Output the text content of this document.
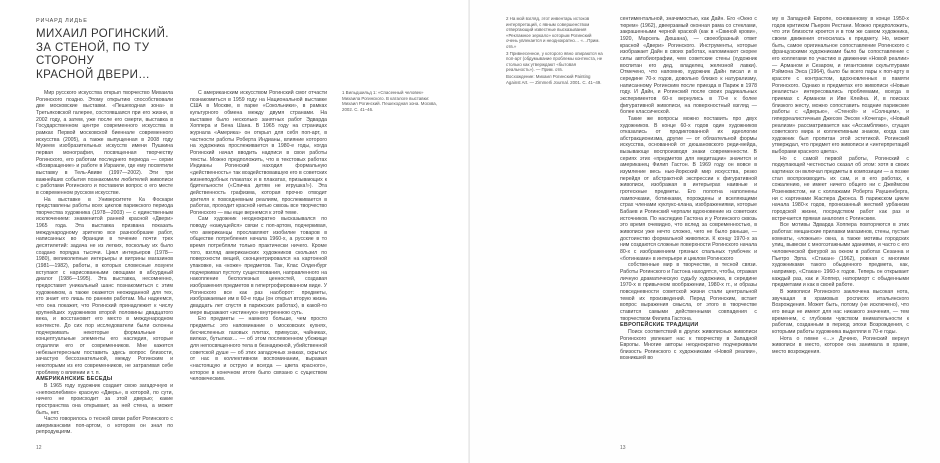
РИЧАРД ЛИДЬЕ
МИХАИЛ РОГИНСКИЙ.
ЗА СТЕНОЙ, ПО ТУ СТОРОНУ
КРАСНОЙ ДВЕРИ…

Мир русского искусства открыл творчество Михаила Рогинского поздно. Этому открытию способствовали две московские выставки. «Пешеходная зона» в Третьяковской галерее, состоявшаяся при его жизни, в 2002 году, а затем, уже после его смерти, выставка в Государственном центре современного искусства в рамках Первой московской биеннале современного искусства (2005), а также выпущенная в 2008 году Музеем изобразительных искусств имени Пушкина первая монография, посвященная творчеству Рогинского, его работам последнего периода — серии «Возвращение» и работе в Израиле, где ему посвятили выставку в Тель-Авиве (1997—2002). Эти три важнейших события познакомили любителей живописи с работами Рогинского и поставили вопрос о его месте в современном русском искусстве.

На выставке в Университете Ка Фоскари представлены работы всех циклов парижского периода творчества художника (1978—2003) — с единственным исключением: знаменитой ранней красной «Двери» 1965 года. Эта выставка призвана показать международному зрителю все разнообразие работ, написанных во Франции в течение почти трех десятилетий: задача не из легких, поскольку их было создано порядка тысячи. Цикл интерьеров (1978—1980), великолепные интерьеры и витрины магазинов (1981—1982), работы, в которых словесные лозунги вступают с нарисованными овощами в абсурдный диалог (1986—1995). Эта выставка, несомненно, предоставит уникальный шанс познакомиться с этим художником, а также окажется неожиданной для тех, кто знает его лишь по ранним работам. Мы надеемся, что она покажет, что Рогинский принадлежит к числу крупнейших художников второй половины двадцатого века, и восстановит его место в международном контексте. До сих пор исследователи были склонны подчеркивать некоторые формальные и концептуальные элементы его наследия, которые отдаляли его от современников. Мне кажется небезынтересным поставить здесь вопрос близости, зачастую бессознательной, между Рогинским и некоторыми из его современников, не затрагивая себе проблему о влиянии и т. п.

АМЕРИКАНСКИЕ БЕСЕДЫ

В 1965 году художник создает свою загадочную и «непоколебимо» красную «Дверь», в которой, по сути, ничего не происходит за этой дверью; какие пространства она открывает, за ней стена, а может быть, нет.

Часто говорилось о тесной связи работ Рогинского с американским поп-артом, о котором он знал по репродукциям.

С американским искусством Рогинский смог отчасти познакомиться в 1959 году на Национальной выставке США в Москве, в парке «Сокольники», в рамках культурного обмена между двумя странами. На выставке было несколько занятных работ Эдварда Хоппера и Бена Шана. В 1965 году на страницах журнала «Америка» он открыл для себя поп-арт, в частности работы Роберта Индианы, влияние которого на художника прослеживается в 1980-е годы, когда Рогинский начал вводить надписи в свои работы тексты. Можно предположить, что в текстовых работах Индианы Рогинский находил формальную «действенность» так воздействовавшую его в советских жизнеподобных плакатах и в плакатах, призывающих к бдительности («Спичка детям не игрушка!»). Эта действенность графизма, которая прочно отводит зрителя к повседневным реалиям, прослеживается в работах, проходит красной нитью сквозь все творчество Рогинского — мы еще вернемся к этой теме.

Сам художник неоднократно высказывался по поводу «кажущейся» связи с поп-артом, подчеркивая, что американцы прославляют изобилие товаров в обществе потребления начала 1960-х, а русские в то время потребляли только практически ничего. Кроме того, взгляд американских художников скользил по поверхности вещей, сконцентрировался на картонной упаковке, на «коже» предметов. Так, Клас Олденбург подчеркивал пустоту существования, направленного на накопление бесполезных ценностей, создавая изображения предметов в гипертрофированном виде. У Рогинского все как раз наоборот: предметы, изображаемые им в 60-е годы (он открыл вторую жизнь двадцать лет спустя в парижских работах), в какой-то мере выражают «истинную» внутреннюю суть.

Его предметы — намного больше, чем просто предметы: это напоминание о московских кухнях, бесчисленных газовых плитах, примусах, чайниках, вилках, бутылках… — об этом послевоенном убожище для непосвященного тела в безнадежной, убийственной советской душе — об этих загадочных знаках, скрытых от нас в коллективном воспоминании, выражая «настоящую и острую и всегда — цвета красного», которое в конечном итоге было связано с существом человеческим.

1 Вильдшильд 1: «Спасенный человек» Михаила Рогинского. В каталоге выставки: Михаил Рогинский. Пешеходная зона. Москва, 2002. С. 41–46.

12

2 На мой взгляд, этот инвентарь истоков интерпретаций, с явным совершенством отвергающий известные высказывания «Рекламное зеркало» которым Рогинский очень увлекается и неоднократно… «…Прим. отв.»

3 Привнесенное, у которого явно опираются на поп-арт (обдумывание проблемы контекста, не столько как утверждают «бытовая реальность»). — Прим. отв.

Восхождение: Михаил Рогинский Painting Against Art. — Zimmerli Journal. 2001. С. 41–49.

сентиментальной, значимостью, как Дайн. Его «Окно с тюрем» (1962), двеерзамый оконная рама со стеклами, закрашенными черной краской (как в «Свиной крови», 1920, Марсель Дюшана), — своеобразный ответ красной «Двери» Рогинского. Инструменты, которые изображает Дайн в своих работах, напоминают скорее силы автобиографии, чем советские стены (художник воспитан его дед, владелец железной лавки). Отмечено, что напомню, художник Дайн писал и в середине 70-х годов, довольно близко к натурализму, написанному Рогинским после приезда в Париж в 1978 году. И Дайн, и Рогинский после своих радикальных экспериментов 60-х вернулись в 70-е к более фигуративной живописи, на поверхностный взгляд — более классической.

Такие же вопросы можно поставить про двух художников. В конце 60-х годов один художников отказались от продиктованной их идеологии абстракционизма, другие — от обязательной формы искусства, основанной от дюшановского реди-мейда, вызывающе воспроизводя знаки современности. В сериях этих «предметов для медитации» значится и американец Филип Гастон. В 1969 году он вовсе в изумление весь нью-йоркский мир искусства, резко перейдя от абстрактной экспрессии к фигуративной живописи, изображая в интерьерах наивные и гротескные предметы. Его полотна наполнены лампочками, ботинками, порождены и вселяющими страх членами куклукс-клана, изображениями, которые Бабаев и Рогинский черпали вдохновение из советских источников. По наследию Гастона и у Рогинского сквозь это время очевидно, что вслед за современностью, в живописи уже нечто сложно, чего не было раньше, — достоинство формальной живописи. К концу 1970-х за ним создаются сложные поверхности Рогинского начала 80-х с изображением грязных спальных тумбочек и «ботинками» в интерьере и циклом Рогинского

собственные мир в творчестве, в тесной связи. Работы Рогинского и Гастона находятся, чтобы, отражая личную драматическую судьбу художника, в середине 1970-х в привычном воображении, 1980-х гг., и образы повседневности советской жизни стали центральной темой их произведений. Перед Рогинским, встает вопрос выражения смысла, от этого в творчестве ставится самыми действенными совпадения с творчеством Филипа Гастона.

ЕВРОПЕЙСКИЕ ТРАДИЦИИ

Поиск соответствий в других живописных живописи Рогинского увлекает нас к творчеству в Западной Европы. Многие авторы неоднократно подчеркивали близость Рогинского с художниками «Новой реалии», возникшей во

му в Западной Европе, основанному в конце 1950-х годов критиком Пьером Рестани. Можно предположить, что эти близости кроется и в том же самом художника, своем движения относилась к предмету. Но, может быть, самое оригинальное сопоставление Рогинского с французскими художниками было бы сопоставление с его коллегами по участию в движении «Новой реалии» — Арманом и Сезаром, и гигантскими скульптурами Рэймона Энса (1964), было бы всего пары к поп-арту в красоте с контрастом, вдохновленных в памяти Рогинского. Однако в предметах его живописи «Новые реалисты» интересовались проблемами, всегда в приемах с Арманом и Иве Клейна. И, в поисках близкого жесту, можно сопоставить поздние парижские работы с «Дверью», «Стеной» и «Солнцем», и гиперреалистичным Джесом Энсом «Кочегар», «Новый реализм» рассматривается как «Ассамбляжи», сгущая советского мира и коллективным знаком, когда сам художник был пропитан этой эстетикой. Рогинский утверждал, что предмет его живописи и «интерпретаций выборами красного цвета».

Но с самой первой работы, Рогинский с подкупающей честностью сказал об этом: хотя в своих картинах он включал предметы в композиции — а позже стал воспроизводить их сам, и в его работах, к сожалению, не имеет ничего общего ни с Джеймсом Розенквистом, ни с коллажами Роберта Раушенберга, ни с картинами Жасперa Джонса. В парижском цикле начала 1980-х годов, пронизанный жесткий урбанизм городской жизни, посредством работ как раз и встречается прямая аналогия с Рогинским.

Все мотивы Эдварда Хоппера повторяются в этих работах: мещанские прилавки магазинов, стены, пустые комнаты, «ложные» окна, а также мотивы городских улиц, вывески с многоэтажными зданиями, и часто с его человеческой фигурой за окном в работах Сезанна и Пьетро Эрпа. «Стакан» (1962), ровная с многими художниками такого обыденного предмета, как, например, «Стакан» 1960-х годов. Теперь он открывает каждый раз, как и Хоппер, натюрморт с обыденными предметами и как в своей работе.

В живописи Рогинского заключена высокая нота, звучащая в храмовых росписях итальянского Возрождения. Может быть, потому (не исключено), что его вещи не имеют для нас никакого значения, — тем временем, с глубоким чувством внимательности к работам, созданным в период эпохи Возрождения, с которыми работы художника выделяли в 70-е годы.

Нота о гимне «…» Дучино, Рогинский вернул живописи в место, которое она занимала в храме, место возрождения.

13
